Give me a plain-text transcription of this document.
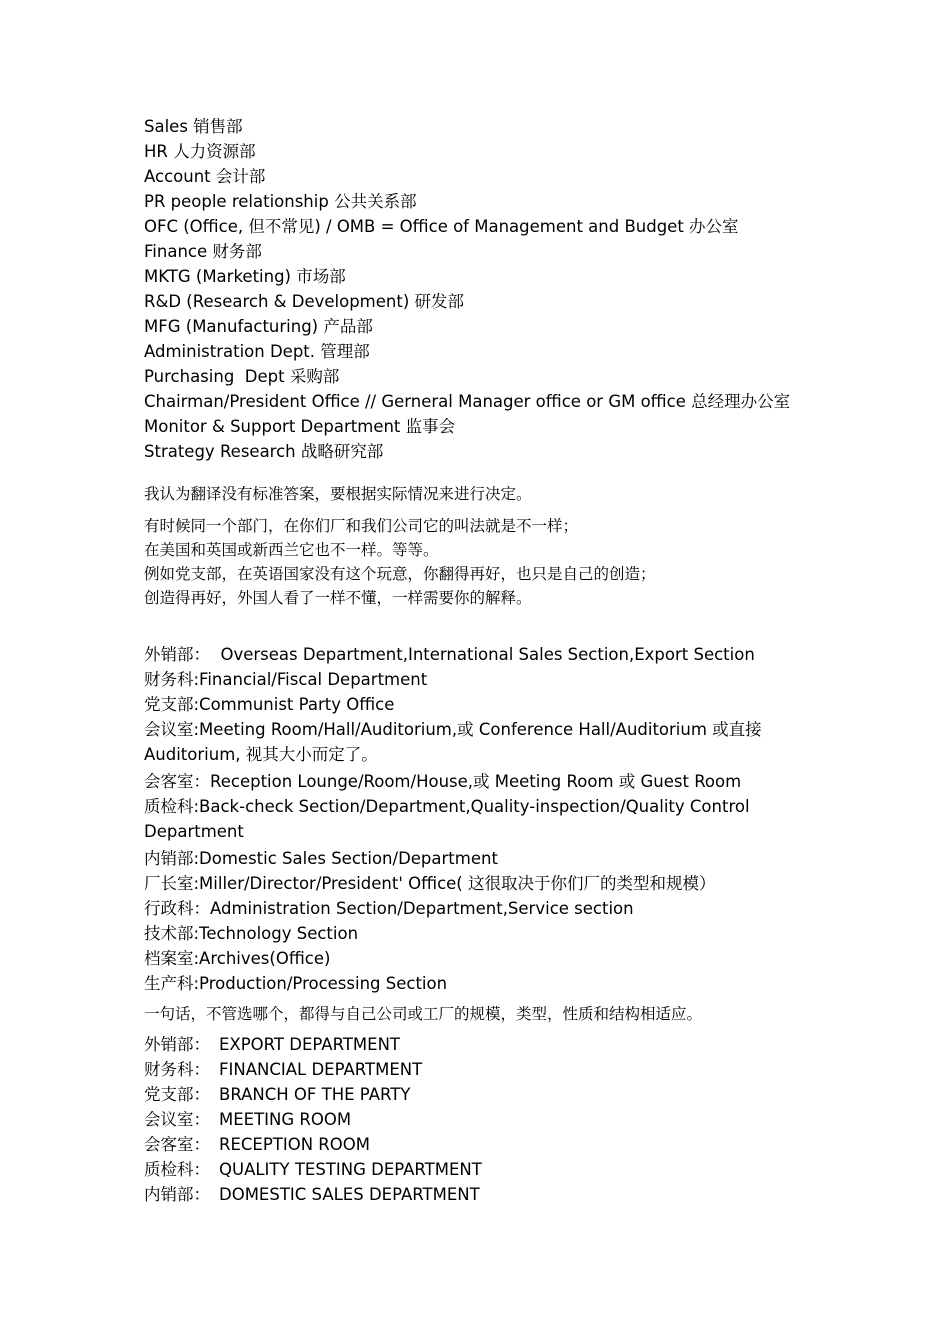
Sales 销售部
HR 人力资源部
Account 会计部
PR people relationship 公共关系部
OFC (Office, 但不常见) / OMB = Office of Management and Budget 办公室
Finance 财务部
MKTG (Marketing) 市场部
R&D (Research & Development) 研发部
MFG (Manufacturing) 产品部
Administration Dept. 管理部
Purchasing  Dept 采购部
Chairman/President Office // Gerneral Manager office or GM office 总经理办公室
Monitor & Support Department 监事会
Strategy Research 战略研究部
我认为翻译没有标准答案，要根据实际情况来进行决定。
有时候同一个部门，在你们厂和我们公司它的叫法就是不一样；
在美国和英国或新西兰它也不一样。等等。
例如党支部，在英语国家没有这个玩意，你翻得再好，也只是自己的创造；
创造得再好，外国人看了一样不懂，一样需要你的解释。
外销部：  Overseas Department,International Sales Section,Export Section
财务科:Financial/Fiscal Department
党支部:Communist Party Office
会议室:Meeting Room/Hall/Auditorium,或 Conference Hall/Auditorium 或直接 Auditorium, 视其大小而定了。
会客室：Reception Lounge/Room/House,或 Meeting Room 或 Guest Room
质检科:Back-check Section/Department,Quality-inspection/Quality Control Department
内销部:Domestic Sales Section/Department
厂长室:Miller/Director/President' Office( 这很取决于你们厂的类型和规模）
行政科：Administration Section/Department,Service section
技术部:Technology Section
档案室:Archives(Office)
生产科:Production/Processing Section
一句话，不管选哪个，都得与自己公司或工厂的规模，类型，性质和结构相适应。
外销部： EXPORT DEPARTMENT
财务科： FINANCIAL DEPARTMENT
党支部： BRANCH OF THE PARTY
会议室： MEETING ROOM
会客室： RECEPTION ROOM
质检科： QUALITY TESTING DEPARTMENT
内销部： DOMESTIC SALES DEPARTMENT
